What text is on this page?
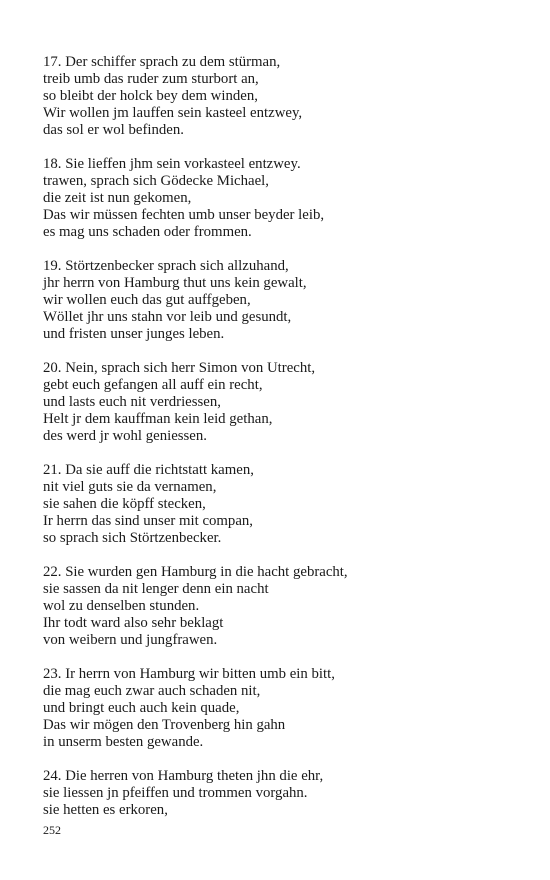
17. Der schiffer sprach zu dem stürman,
treib umb das ruder zum sturbort an,
so bleibt der holck bey dem winden,
Wir wollen jm lauffen sein kasteel entzwey,
das sol er wol befinden.
18. Sie lieffen jhm sein vorkasteel entzwey.
trawen, sprach sich Gödecke Michael,
die zeit ist nun gekomen,
Das wir müssen fechten umb unser beyder leib,
es mag uns schaden oder frommen.
19. Störtzenbecker sprach sich allzuhand,
jhr herrn von Hamburg thut uns kein gewalt,
wir wollen euch das gut auffgeben,
Wöllet jhr uns stahn vor leib und gesundt,
und fristen unser junges leben.
20. Nein, sprach sich herr Simon von Utrecht,
gebt euch gefangen all auff ein recht,
und lasts euch nit verdriessen,
Helt jr dem kauffman kein leid gethan,
des werd jr wohl geniessen.
21. Da sie auff die richtstatt kamen,
nit viel guts sie da vernamen,
sie sahen die köpff stecken,
Ir herrn das sind unser mit compan,
so sprach sich Störtzenbecker.
22. Sie wurden gen Hamburg in die hacht gebracht,
sie sassen da nit lenger denn ein nacht
wol zu denselben stunden.
Ihr todt ward also sehr beklagt
von weibern und jungfrawen.
23. Ir herrn von Hamburg wir bitten umb ein bitt,
die mag euch zwar auch schaden nit,
und bringt euch auch kein quade,
Das wir mögen den Trovenberg hin gahn
in unserm besten gewande.
24. Die herren von Hamburg theten jhn die ehr,
sie liessen jn pfeiffen und trommen vorgahn.
sie hetten es erkoren,
252
